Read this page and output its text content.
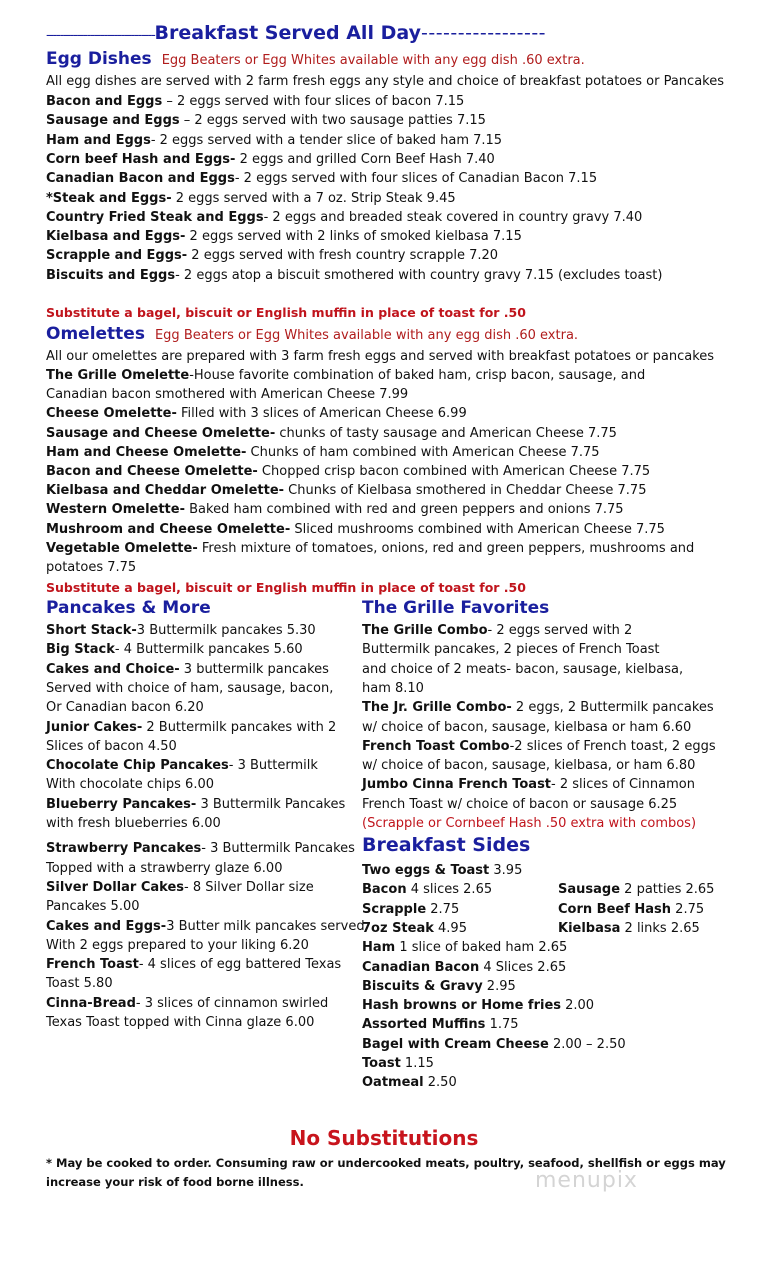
--------------------------------Breakfast Served All Day-----------------
Egg Dishes Egg Beaters or Egg Whites available with any egg dish .60 extra.
All egg dishes are served with 2 farm fresh eggs any style and choice of breakfast potatoes or Pancakes
Bacon and Eggs – 2 eggs served with four slices of bacon 7.15
Sausage and Eggs – 2 eggs served with two sausage patties 7.15
Ham and Eggs- 2 eggs served with a tender slice of baked ham 7.15
Corn beef Hash and Eggs- 2 eggs and grilled Corn Beef Hash 7.40
Canadian Bacon and Eggs- 2 eggs served with four slices of Canadian Bacon 7.15
*Steak and Eggs- 2 eggs served with a 7 oz. Strip Steak 9.45
Country Fried Steak and Eggs- 2 eggs and breaded steak covered in country gravy 7.40
Kielbasa and Eggs- 2 eggs served with 2 links of smoked kielbasa 7.15
Scrapple and Eggs- 2 eggs served with fresh country scrapple 7.20
Biscuits and Eggs- 2 eggs atop a biscuit smothered with country gravy 7.15 (excludes toast)
Substitute a bagel, biscuit or English muffin in place of toast for .50
Omelettes Egg Beaters or Egg Whites available with any egg dish .60 extra.
All our omelettes are prepared with 3 farm fresh eggs and served with breakfast potatoes or pancakes
The Grille Omelette-House favorite combination of baked ham, crisp bacon, sausage, and
Canadian bacon smothered with American Cheese 7.99
Cheese Omelette- Filled with 3 slices of American Cheese 6.99
Sausage and Cheese Omelette- chunks of tasty sausage and American Cheese 7.75
Ham and Cheese Omelette- Chunks of ham combined with American Cheese 7.75
Bacon and Cheese Omelette- Chopped crisp bacon combined with American Cheese 7.75
Kielbasa and Cheddar Omelette- Chunks of Kielbasa smothered in Cheddar Cheese 7.75
Western Omelette- Baked ham combined with red and green peppers and onions 7.75
Mushroom and Cheese Omelette- Sliced mushrooms combined with American Cheese 7.75
Vegetable Omelette- Fresh mixture of tomatoes, onions, red and green peppers, mushrooms and
potatoes 7.75
Substitute a bagel, biscuit or English muffin in place of toast for .50
Pancakes & More
Short Stack-3 Buttermilk pancakes 5.30
Big Stack- 4 Buttermilk pancakes 5.60
Cakes and Choice- 3 buttermilk pancakes
Served with choice of ham, sausage, bacon,
Or Canadian bacon 6.20
Junior Cakes- 2 Buttermilk pancakes with 2
Slices of bacon 4.50
Chocolate Chip Pancakes- 3 Buttermilk
With chocolate chips 6.00
Blueberry Pancakes- 3 Buttermilk Pancakes
with fresh blueberries 6.00
Strawberry Pancakes- 3 Buttermilk Pancakes
Topped with a strawberry glaze 6.00
Silver Dollar Cakes- 8 Silver Dollar size
Pancakes 5.00
Cakes and Eggs-3 Butter milk pancakes served
With 2 eggs prepared to your liking 6.20
French Toast- 4 slices of egg battered Texas
Toast 5.80
Cinna-Bread- 3 slices of cinnamon swirled
Texas Toast topped with Cinna glaze 6.00
The Grille Favorites
The Grille Combo- 2 eggs served with 2
Buttermilk pancakes, 2 pieces of French Toast
and choice of 2 meats- bacon, sausage, kielbasa,
ham 8.10
The Jr. Grille Combo- 2 eggs, 2 Buttermilk pancakes
w/ choice of bacon, sausage, kielbasa or ham 6.60
French Toast Combo-2 slices of French toast, 2 eggs
w/ choice of bacon, sausage, kielbasa, or ham 6.80
Jumbo Cinna French Toast- 2 slices of Cinnamon
French Toast w/ choice of bacon or sausage 6.25
(Scrapple or Cornbeef Hash .50 extra with combos)
Breakfast Sides
Two eggs & Toast 3.95
Bacon 4 slices 2.65	Sausage 2 patties 2.65
Scrapple 2.75	Corn Beef Hash 2.75
7oz Steak 4.95	Kielbasa 2 links 2.65
Ham 1 slice of baked ham 2.65
Canadian Bacon 4 Slices 2.65
Biscuits & Gravy 2.95
Hash browns or Home fries 2.00
Assorted Muffins 1.75
Bagel with Cream Cheese 2.00 – 2.50
Toast 1.15
Oatmeal 2.50
No Substitutions
* May be cooked to order. Consuming raw or undercooked meats, poultry, seafood, shellfish or eggs may
increase your risk of food borne illness.	menupix
